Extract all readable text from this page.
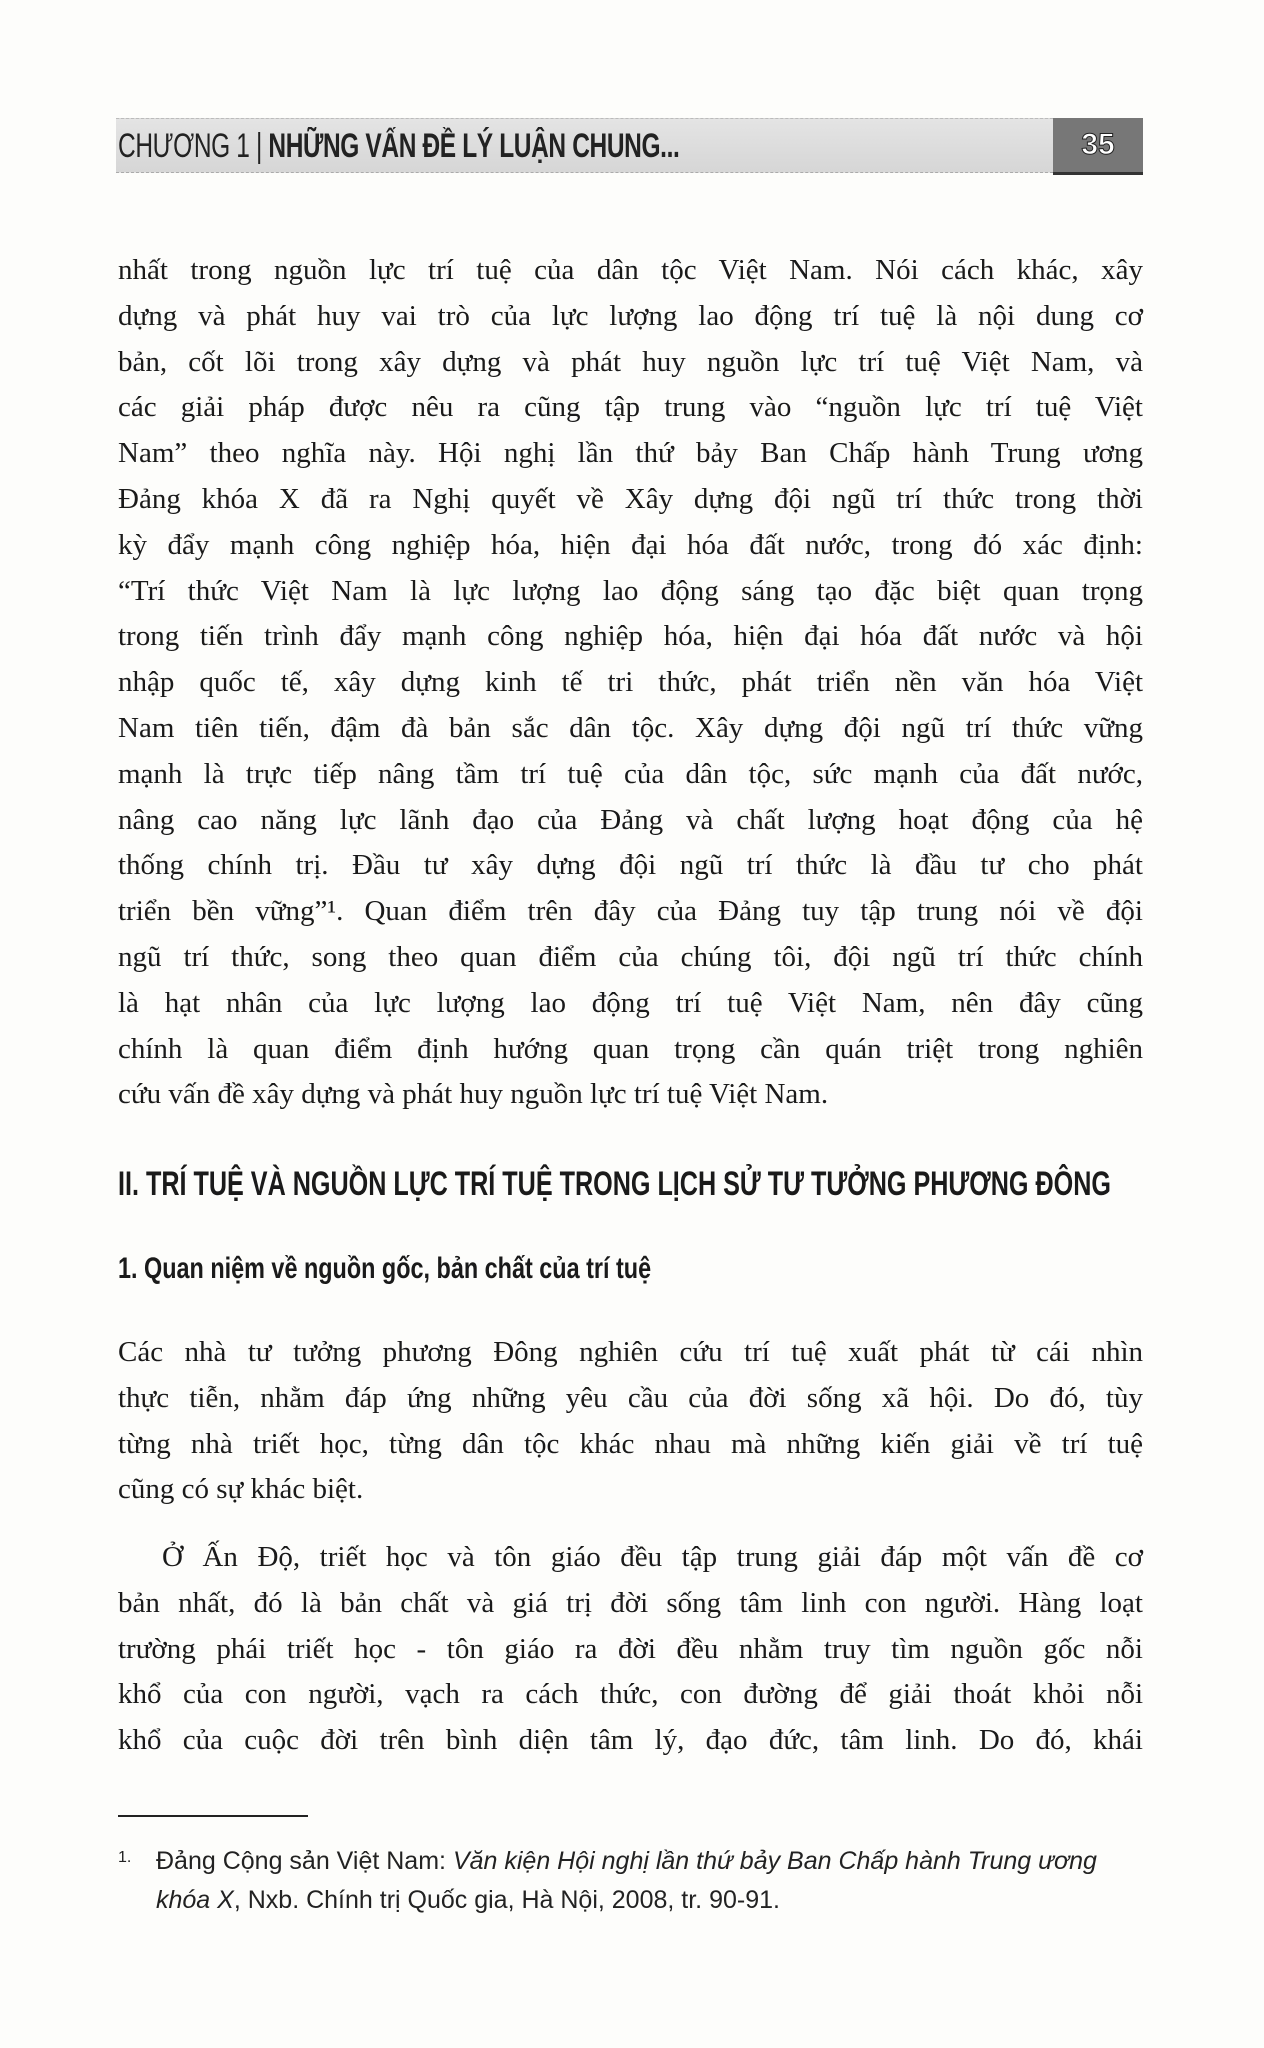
CHƯƠNG 1 | NHỮNG VẤN ĐỀ LÝ LUẬN CHUNG...	35
nhất trong nguồn lực trí tuệ của dân tộc Việt Nam. Nói cách khác, xây
dựng và phát huy vai trò của lực lượng lao động trí tuệ là nội dung cơ
bản, cốt lõi trong xây dựng và phát huy nguồn lực trí tuệ Việt Nam, và
các giải pháp được nêu ra cũng tập trung vào “nguồn lực trí tuệ Việt
Nam” theo nghĩa này. Hội nghị lần thứ bảy Ban Chấp hành Trung ương
Đảng khóa X đã ra Nghị quyết về Xây dựng đội ngũ trí thức trong thời
kỳ đẩy mạnh công nghiệp hóa, hiện đại hóa đất nước, trong đó xác định:
“Trí thức Việt Nam là lực lượng lao động sáng tạo đặc biệt quan trọng
trong tiến trình đẩy mạnh công nghiệp hóa, hiện đại hóa đất nước và hội
nhập quốc tế, xây dựng kinh tế tri thức, phát triển nền văn hóa Việt
Nam tiên tiến, đậm đà bản sắc dân tộc. Xây dựng đội ngũ trí thức vững
mạnh là trực tiếp nâng tầm trí tuệ của dân tộc, sức mạnh của đất nước,
nâng cao năng lực lãnh đạo của Đảng và chất lượng hoạt động của hệ
thống chính trị. Đầu tư xây dựng đội ngũ trí thức là đầu tư cho phát
triển bền vững”¹. Quan điểm trên đây của Đảng tuy tập trung nói về đội
ngũ trí thức, song theo quan điểm của chúng tôi, đội ngũ trí thức chính
là hạt nhân của lực lượng lao động trí tuệ Việt Nam, nên đây cũng
chính là quan điểm định hướng quan trọng cần quán triệt trong nghiên
cứu vấn đề xây dựng và phát huy nguồn lực trí tuệ Việt Nam.
II. TRÍ TUỆ VÀ NGUỒN LỰC TRÍ TUỆ TRONG LỊCH SỬ TƯ TƯỞNG PHƯƠNG ĐÔNG
1. Quan niệm về nguồn gốc, bản chất của trí tuệ
Các nhà tư tưởng phương Đông nghiên cứu trí tuệ xuất phát từ cái nhìn
thực tiễn, nhằm đáp ứng những yêu cầu của đời sống xã hội. Do đó, tùy
từng nhà triết học, từng dân tộc khác nhau mà những kiến giải về trí tuệ
cũng có sự khác biệt.
Ở Ấn Độ, triết học và tôn giáo đều tập trung giải đáp một vấn đề cơ
bản nhất, đó là bản chất và giá trị đời sống tâm linh con người. Hàng loạt
trường phái triết học - tôn giáo ra đời đều nhằm truy tìm nguồn gốc nỗi
khổ của con người, vạch ra cách thức, con đường để giải thoát khỏi nỗi
khổ của cuộc đời trên bình diện tâm lý, đạo đức, tâm linh. Do đó, khái
1. Đảng Cộng sản Việt Nam: Văn kiện Hội nghị lần thứ bảy Ban Chấp hành Trung ương khóa X, Nxb. Chính trị Quốc gia, Hà Nội, 2008, tr. 90-91.
